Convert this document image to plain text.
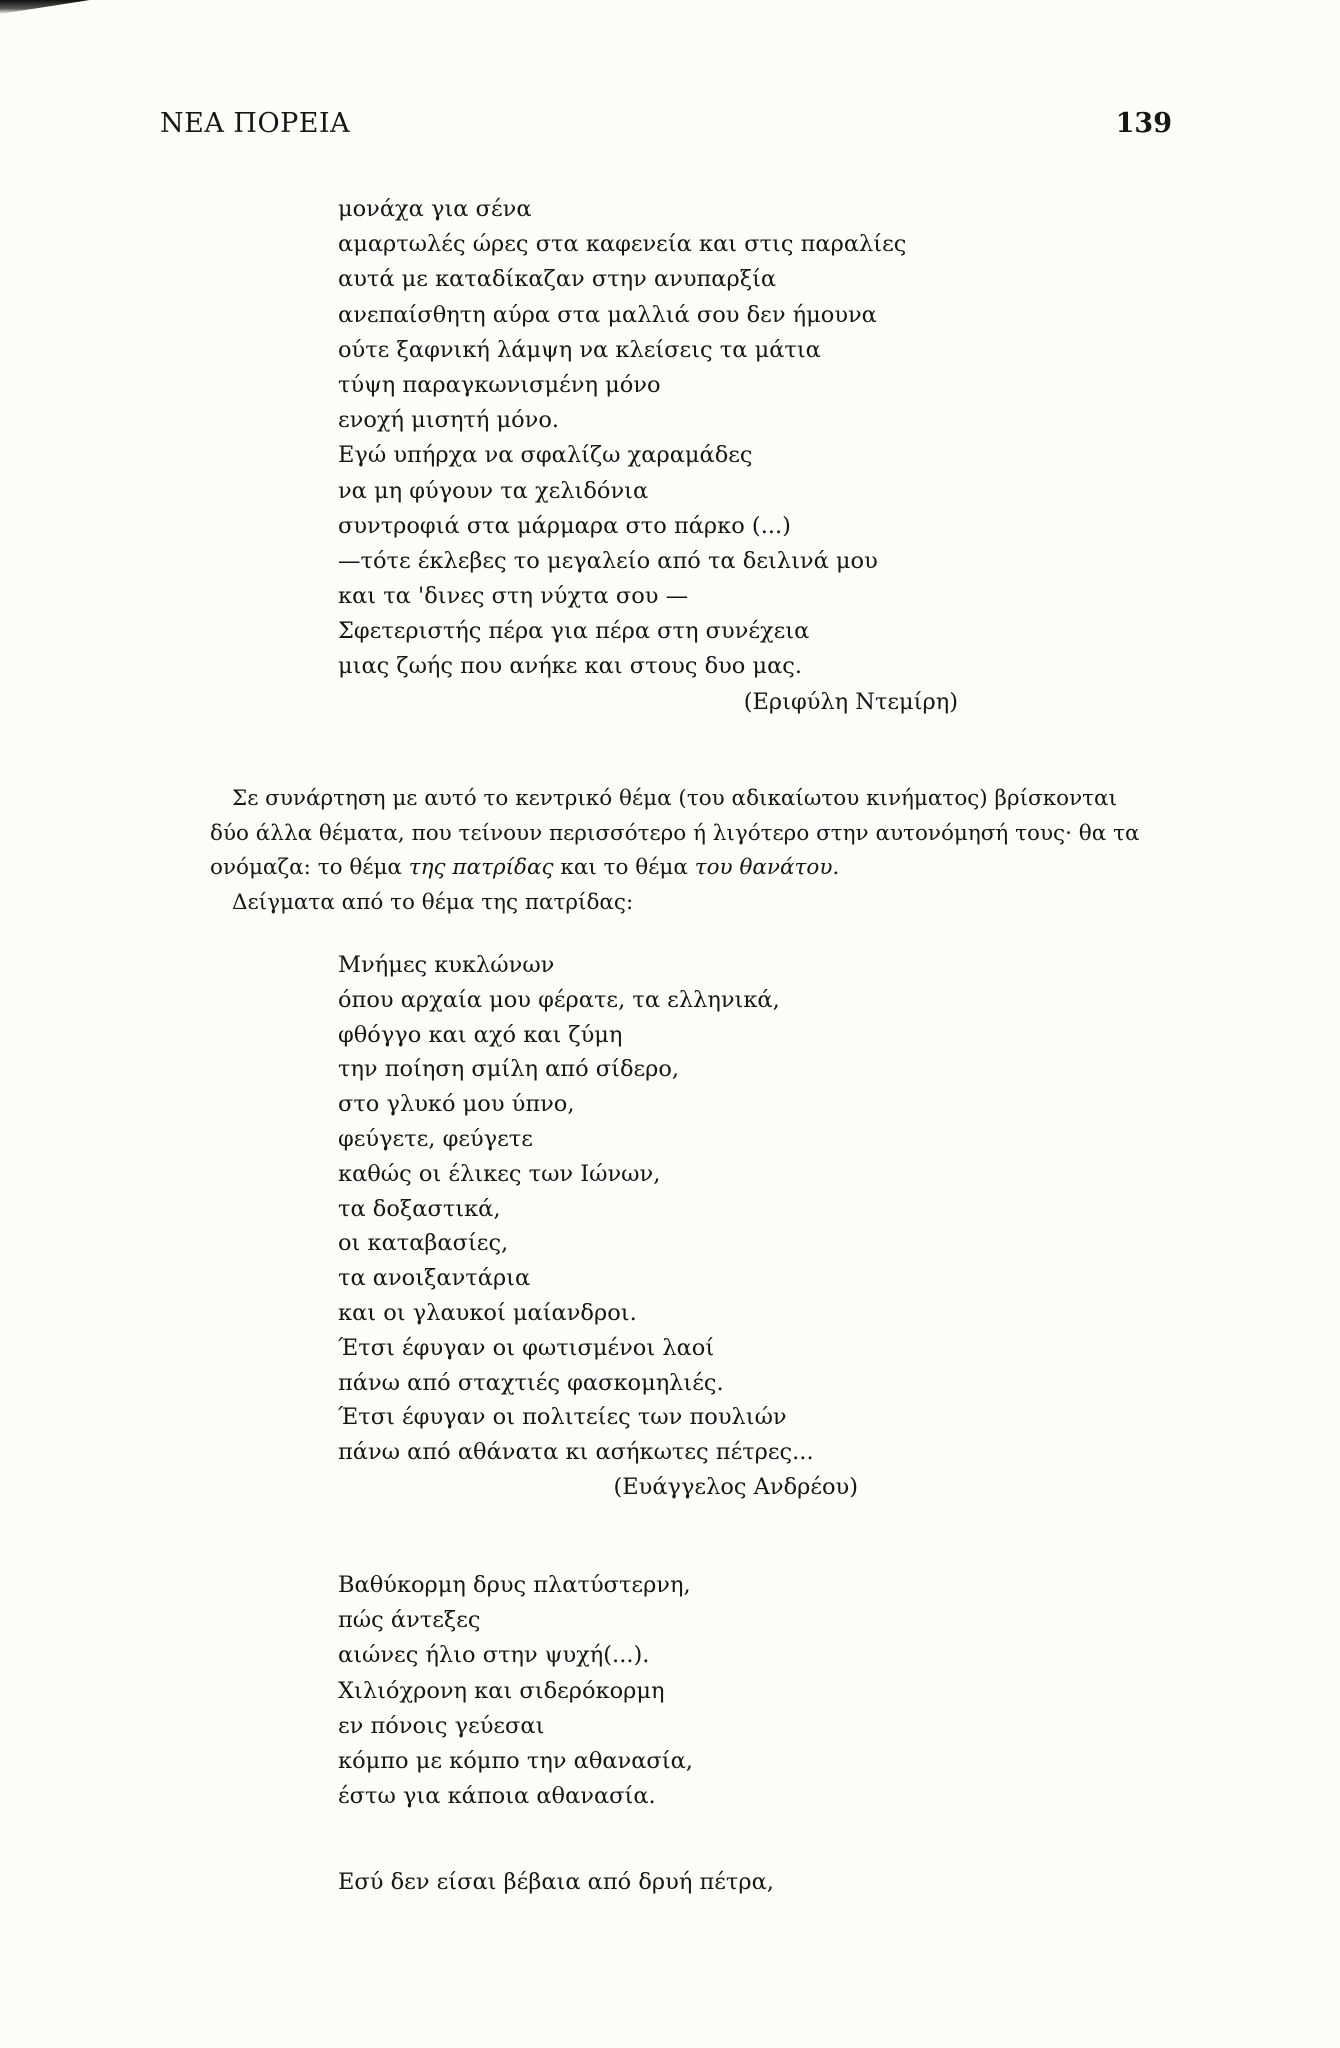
ΝΕΑ ΠΟΡΕΙΑ	139
μονάχα για σένα
αμαρτωλές ώρες στα καφενεία και στις παραλίες
αυτά με καταδίκαζαν στην ανυπαρξία
ανεπαίσθητη αύρα στα μαλλιά σου δεν ήμουνα
ούτε ξαφνική λάμψη να κλείσεις τα μάτια
τύψη παραγκωνισμένη μόνο
ενοχή μισητή μόνο.
Εγώ υπήρχα να σφαλίζω χαραμάδες
να μη φύγουν τα χελιδόνια
συντροφιά στα μάρμαρα στο πάρκο (...)
—τότε έκλεβες το μεγαλείο από τα δειλινά μου
και τα 'δινες στη νύχτα σου —
Σφετεριστής πέρα για πέρα στη συνέχεια
μιας ζωής που ανήκε και στους δυο μας.
(Εριφύλη Ντεμίρη)
Σε συνάρτηση με αυτό το κεντρικό θέμα (του αδικαίωτου κινήματος) βρίσκονται
δύο άλλα θέματα, που τείνουν περισσότερο ή λιγότερο στην αυτονόμησή τους· θα τα
ονόμαζα: το θέμα της πατρίδας και το θέμα του θανάτου.
Δείγματα από το θέμα της πατρίδας:
Μνήμες κυκλώνων
όπου αρχαία μου φέρατε, τα ελληνικά,
φθόγγο και αχό και ζύμη
την ποίηση σμίλη από σίδερο,
στο γλυκό μου ύπνο,
φεύγετε, φεύγετε
καθώς οι έλικες των Ιώνων,
τα δοξαστικά,
οι καταβασίες,
τα ανοιξαντάρια
και οι γλαυκοί μαίανδροι.
Έτσι έφυγαν οι φωτισμένοι λαοί
πάνω από σταχτιές φασκομηλιές.
Έτσι έφυγαν οι πολιτείες των πουλιών
πάνω από αθάνατα κι ασήκωτες πέτρες...
(Ευάγγελος Ανδρέου)
Βαθύκορμη δρυς πλατύστερνη,
πώς άντεξες
αιώνες ήλιο στην ψυχή(...).
Χιλιόχρονη και σιδερόκορμη
εν πόνοις γεύεσαι
κόμπο με κόμπο την αθανασία,
έστω για κάποια αθανασία.
Εσύ δεν είσαι βέβαια από δρυή πέτρα,
